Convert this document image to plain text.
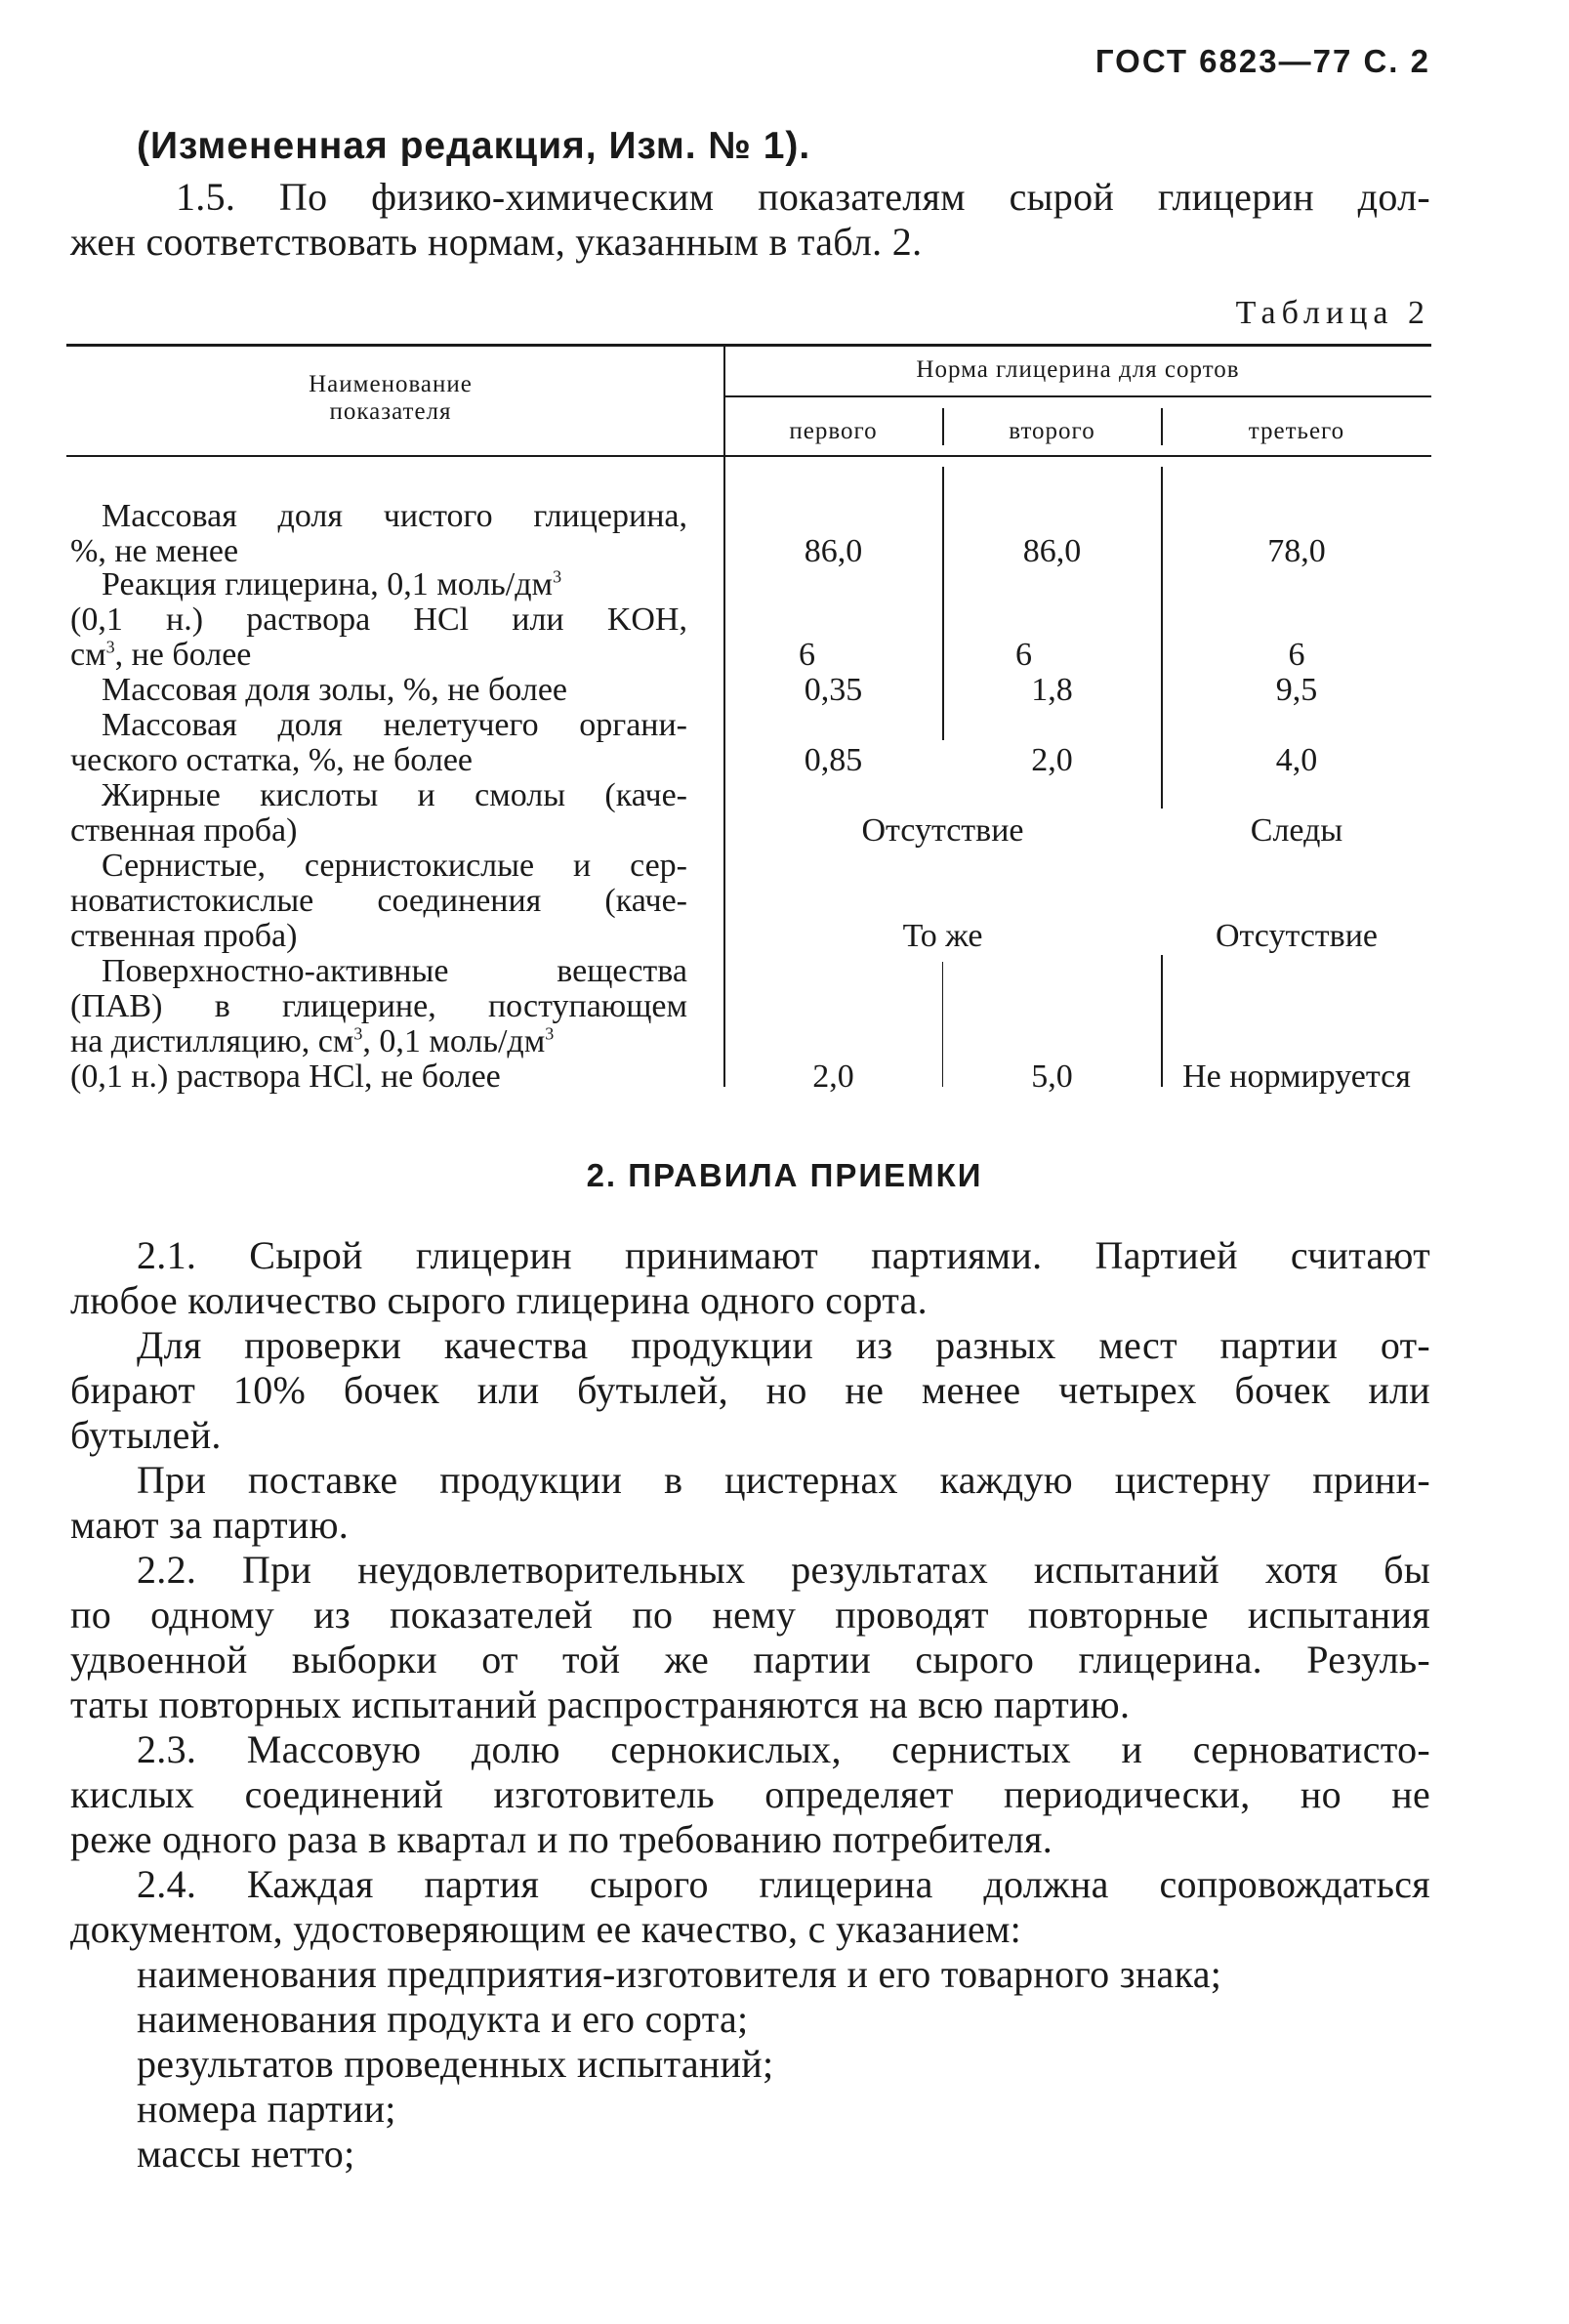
ГОСТ 6823—77 С. 2
(Измененная редакция, Изм. № 1).
1.5. По физико-химическим показателям сырой глицерин дол-
жен соответствовать нормам, указанным в табл. 2.
Таблица 2
Наименование
показателя
Норма глицерина для сортов
первого	второго	третьего
Массовая доля чистого глицерина,
%, не менее	86,0	86,0	78,0
Реакция глицерина, 0,1 моль/$дм^3$
(0,1 н.) раствора HCl или KOH,
$см^3$, не более	6	6	6
Массовая доля золы, %, не более	0,35	1,8	9,5
Массовая доля нелетучего органи-
ческого остатка, %, не более	0,85	2,0	4,0
Жирные кислоты и смолы (каче-
ственная проба)	Отсутствие	Следы
Сернистые, сернистокислые и сер-
новатистокислые соединения (каче-
ственная проба)	То же	Отсутствие
Поверхностно-активные вещества
(ПАВ) в глицерине, поступающем
на дистилляцию, $см^3$, 0,1 моль/$дм^3$
(0,1 н.) раствора HCl, не более	2,0	5,0	Не нормируется
2. ПРАВИЛА ПРИЕМКИ
2.1. Сырой глицерин принимают партиями. Партией считают
любое количество сырого глицерина одного сорта.
Для проверки качества продукции из разных мест партии от-
бирают 10% бочек или бутылей, но не менее четырех бочек или
бутылей.
При поставке продукции в цистернах каждую цистерну прини-
мают за партию.
2.2. При неудовлетворительных результатах испытаний хотя бы
по одному из показателей по нему проводят повторные испытания
удвоенной выборки от той же партии сырого глицерина. Резуль-
таты повторных испытаний распространяются на всю партию.
2.3. Массовую долю сернокислых, сернистых и серноватисто-
кислых соединений изготовитель определяет периодически, но не
реже одного раза в квартал и по требованию потребителя.
2.4. Каждая партия сырого глицерина должна сопровождаться
документом, удостоверяющим ее качество, с указанием:
наименования предприятия-изготовителя и его товарного знака;
наименования продукта и его сорта;
результатов проведенных испытаний;
номера партии;
массы нетто;
